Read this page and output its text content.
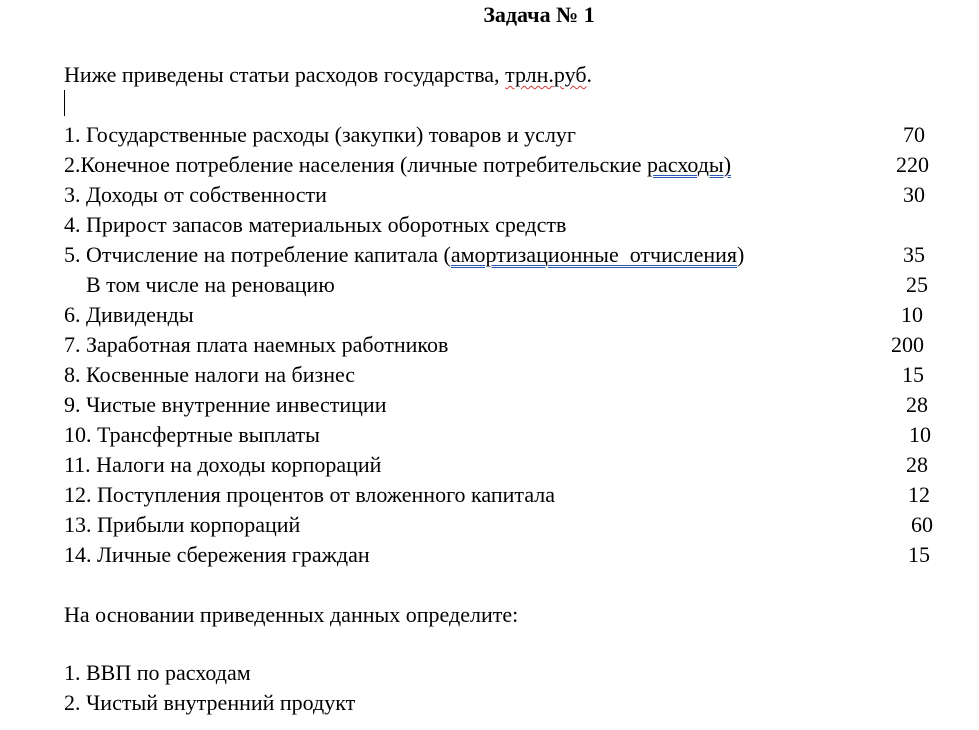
Задача № 1
Ниже приведены статьи расходов государства, трлн.руб.
1. Государственные расходы (закупки) товаров и услуг	70
2.Конечное потребление населения (личные потребительские расходы)	220
3. Доходы от собственности	30
4. Прирост запасов материальных оборотных средств
5. Отчисление на потребление капитала (амортизационные  отчисления)	35
В том числе на реновацию	25
6. Дивиденды	10
7. Заработная плата наемных работников	200
8. Косвенные налоги на бизнес	15
9. Чистые внутренние инвестиции	28
10. Трансфертные выплаты	10
11. Налоги на доходы корпораций	28
12. Поступления процентов от вложенного капитала	12
13. Прибыли корпораций	60
14. Личные сбережения граждан	15
На основании приведенных данных определите:
1. ВВП по расходам
2. Чистый внутренний продукт
